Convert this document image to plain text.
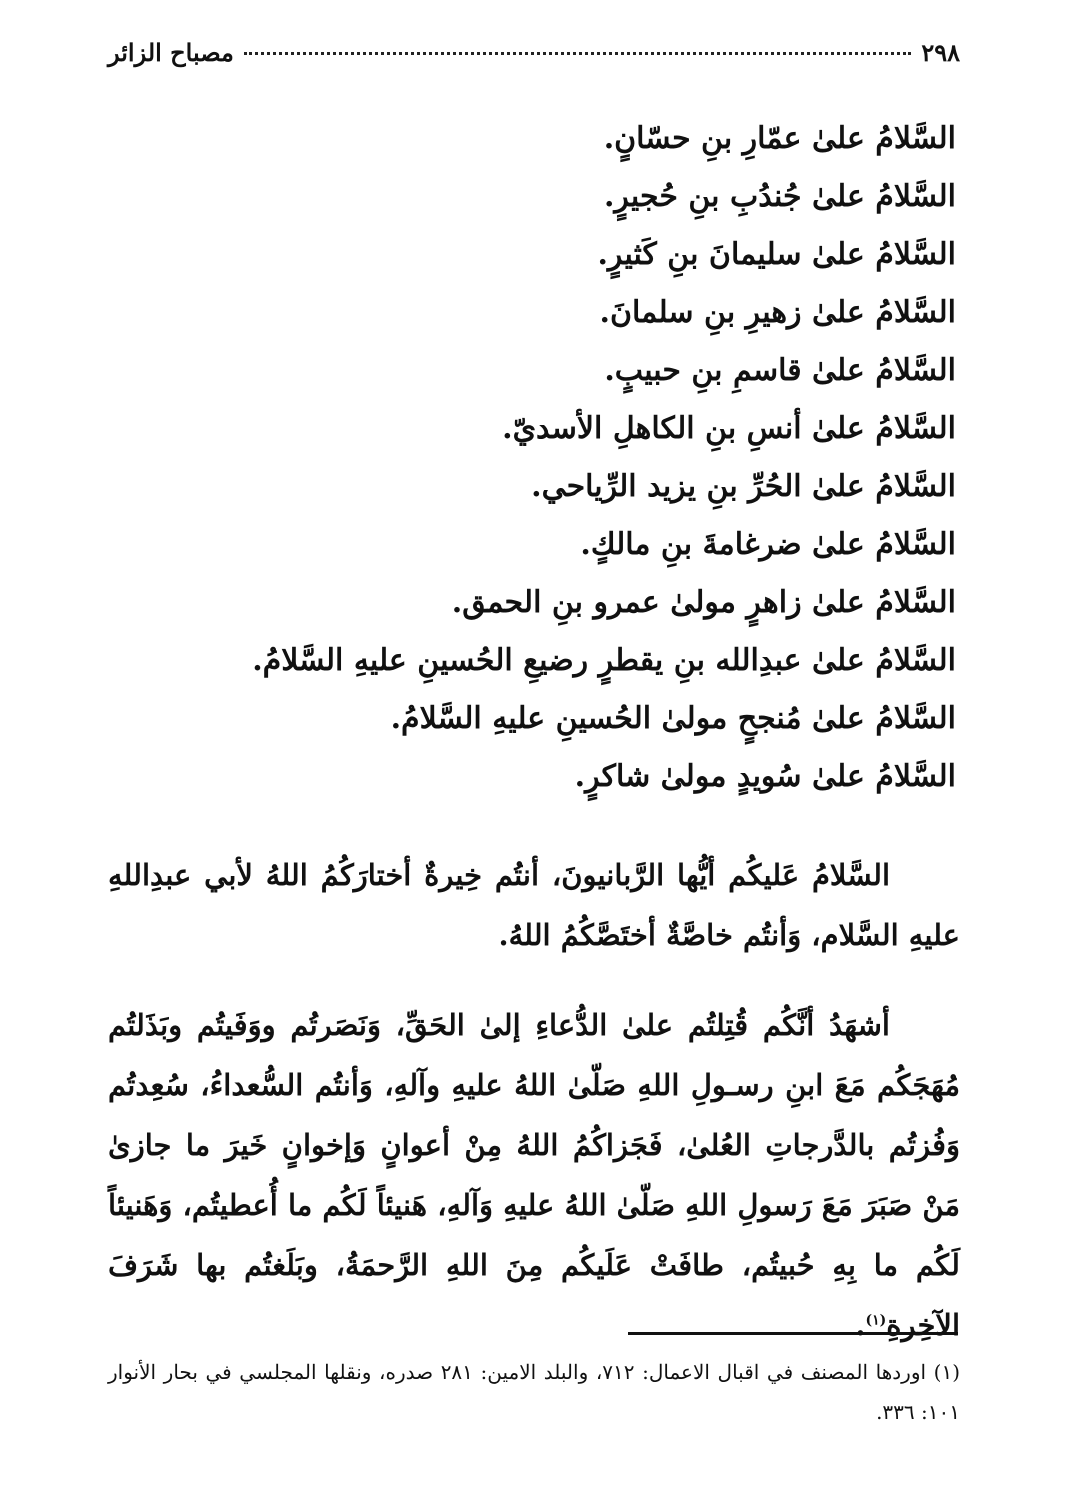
٢٩٨
مصباح الزائر
السَّلامُ علىٰ عمّارِ بنِ حسّانٍ.
السَّلامُ علىٰ جُندُبِ بنِ حُجيرٍ.
السَّلامُ علىٰ سليمانَ بنِ كَثيرٍ.
السَّلامُ علىٰ زهيرِ بنِ سلمانَ.
السَّلامُ علىٰ قاسمِ بنِ حبيبٍ.
السَّلامُ علىٰ أنسِ بنِ الكاهلِ الأسديّ.
السَّلامُ علىٰ الحُرِّ بنِ يزيد الرِّياحي.
السَّلامُ علىٰ ضرغامةَ بنِ مالكٍ.
السَّلامُ علىٰ زاهرٍ مولىٰ عمرو بنِ الحمق.
السَّلامُ علىٰ عبدِالله بنِ يقطرٍ رضيعِ الحُسينِ عليهِ السَّلامُ.
السَّلامُ علىٰ مُنجحٍ مولىٰ الحُسينِ عليهِ السَّلامُ.
السَّلامُ علىٰ سُويدٍ مولىٰ شاكرٍ.
السَّلامُ عَليكُم أيُّها الرَّبانيونَ، أنتُم خِيرةٌ أختارَكُمُ اللهُ لأبي عبدِاللهِ عليهِ السَّلام، وَأنتُم خاصَّةٌ أختَصَّكُمُ اللهُ.
أشهَدُ أنَّكُم قُتِلتُم علىٰ الدُّعاءِ إلىٰ الحَقِّ، وَنَصَرتُم ووَفَيتُم وبَذَلتُم مُهَجَكُم مَعَ ابنِ رسـولِ اللهِ صَلّىٰ اللهُ عليهِ وآلهِ، وَأنتُم السُّعداءُ، سُعِدتُم وَفُزتُم بالدَّرجاتِ العُلىٰ، فَجَزاكُمُ اللهُ مِنْ أعوانٍ وَإخوانٍ خَيرَ ما جازىٰ مَنْ صَبَرَ مَعَ رَسولِ اللهِ صَلّىٰ اللهُ عليهِ وَآلهِ، هَنيئاً لَكُم ما أُعطيتُم، وَهَنيئاً لَكُم ما بِهِ حُبيتُم، طافَتْ عَلَيكُم مِنَ اللهِ الرَّحمَةُ، وبَلَغتُم بها شَرَفَ الآخِرةِ$^{(١)}$.
(١) اوردها المصنف في اقبال الاعمال: ٧١٢، والبلد الامين: ٢٨١ صدره، ونقلها المجلسي في بحار الأنوار ١٠١: ٣٣٦.
